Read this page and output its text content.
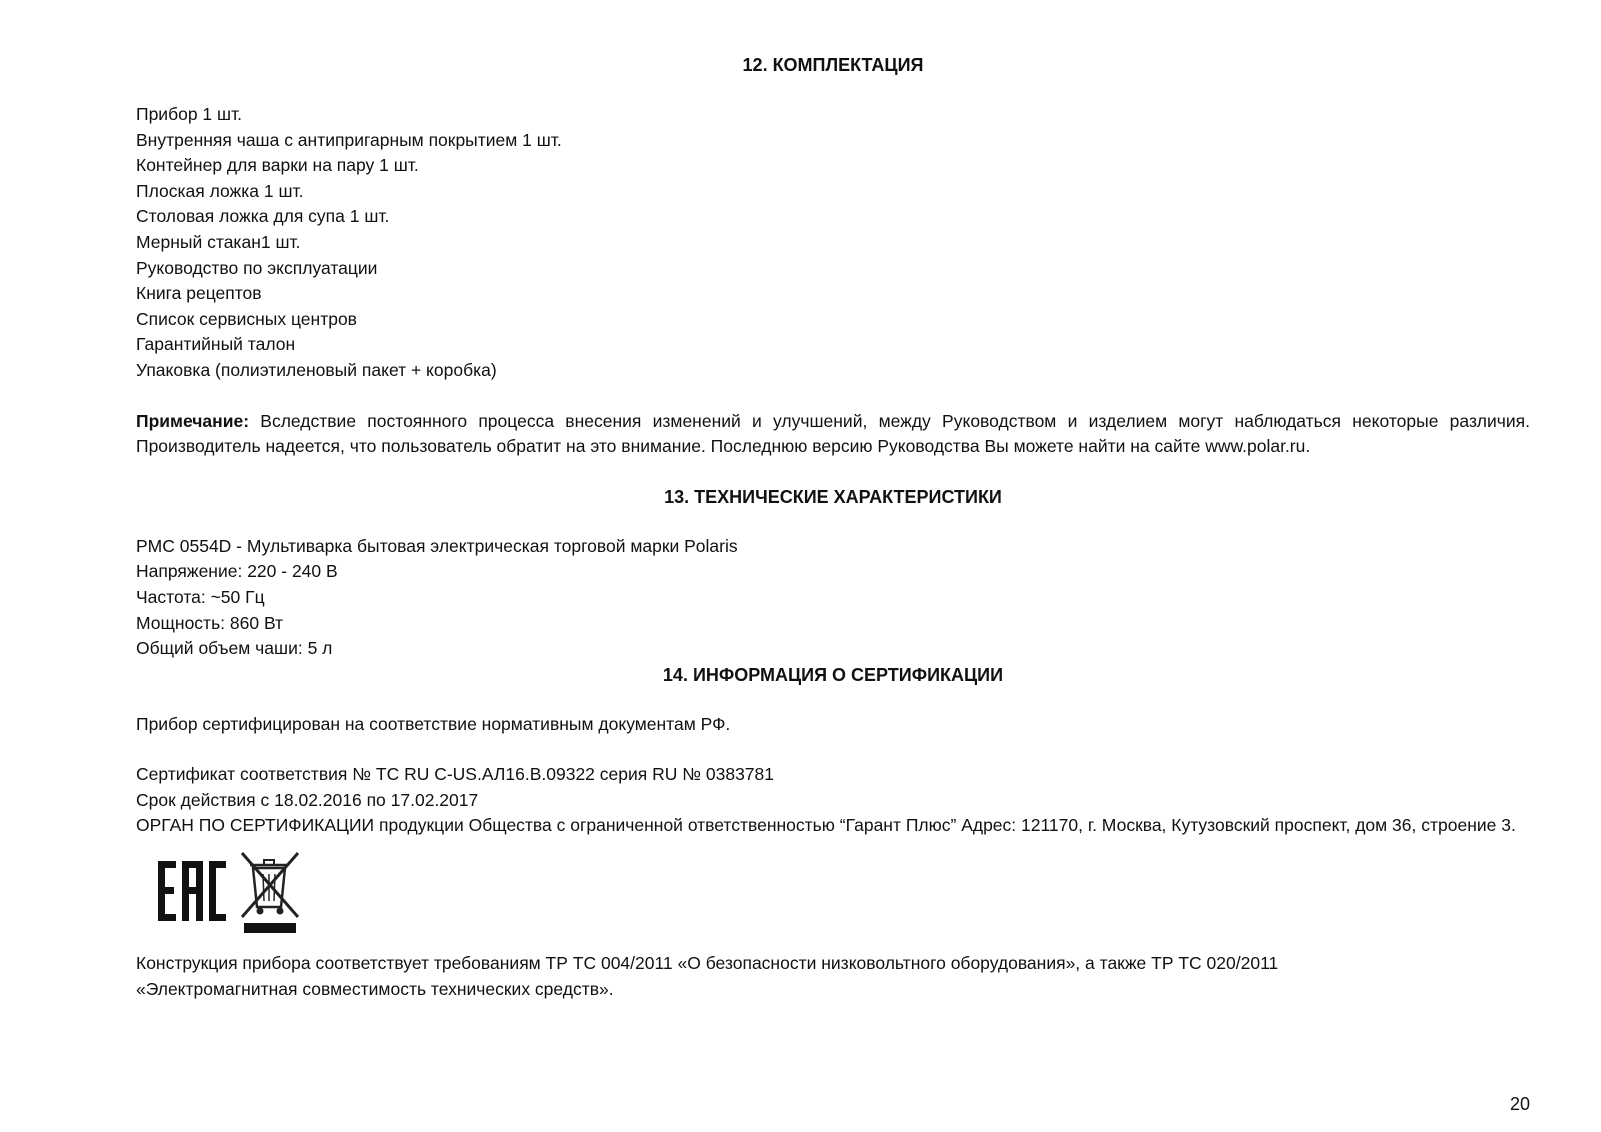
12. КОМПЛЕКТАЦИЯ
Прибор 1 шт.
Внутренняя чаша с антипригарным покрытием 1 шт.
Контейнер для варки на пару 1 шт.
Плоская ложка 1 шт.
Столовая ложка для супа 1 шт.
Мерный стакан1 шт.
Руководство по эксплуатации
Книга рецептов
Список сервисных центров
Гарантийный талон
Упаковка (полиэтиленовый пакет + коробка)

Примечание: Вследствие постоянного процесса внесения изменений и улучшений, между Руководством и изделием могут наблюдаться некоторые различия. Производитель надеется, что пользователь обратит на это внимание. Последнюю версию Руководства Вы можете найти на сайте www.polar.ru.

13. ТЕХНИЧЕСКИЕ ХАРАКТЕРИСТИКИ
PMC 0554D - Мультиварка бытовая электрическая торговой марки Polaris
Напряжение: 220 - 240 В
Частота: ~50 Гц
Мощность: 860 Вт
Общий объем чаши: 5 л
14. ИНФОРМАЦИЯ О СЕРТИФИКАЦИИ
Прибор сертифицирован на соответствие нормативным документам РФ.
Сертификат соответствия № ТС RU C-US.АЛ16.В.09322 серия RU № 0383781
Срок действия с 18.02.2016 по 17.02.2017

ОРГАН ПО СЕРТИФИКАЦИИ продукции Общества с ограниченной ответственностью “Гарант Плюс” Адрес: 121170, г. Москва, Кутузовский проспект, дом 36, строение 3.

Конструкция прибора соответствует требованиям ТР ТС 004/2011 «О безопасности низковольтного оборудования», а также ТР ТС 020/2011
«Электромагнитная совместимость технических средств».
20
